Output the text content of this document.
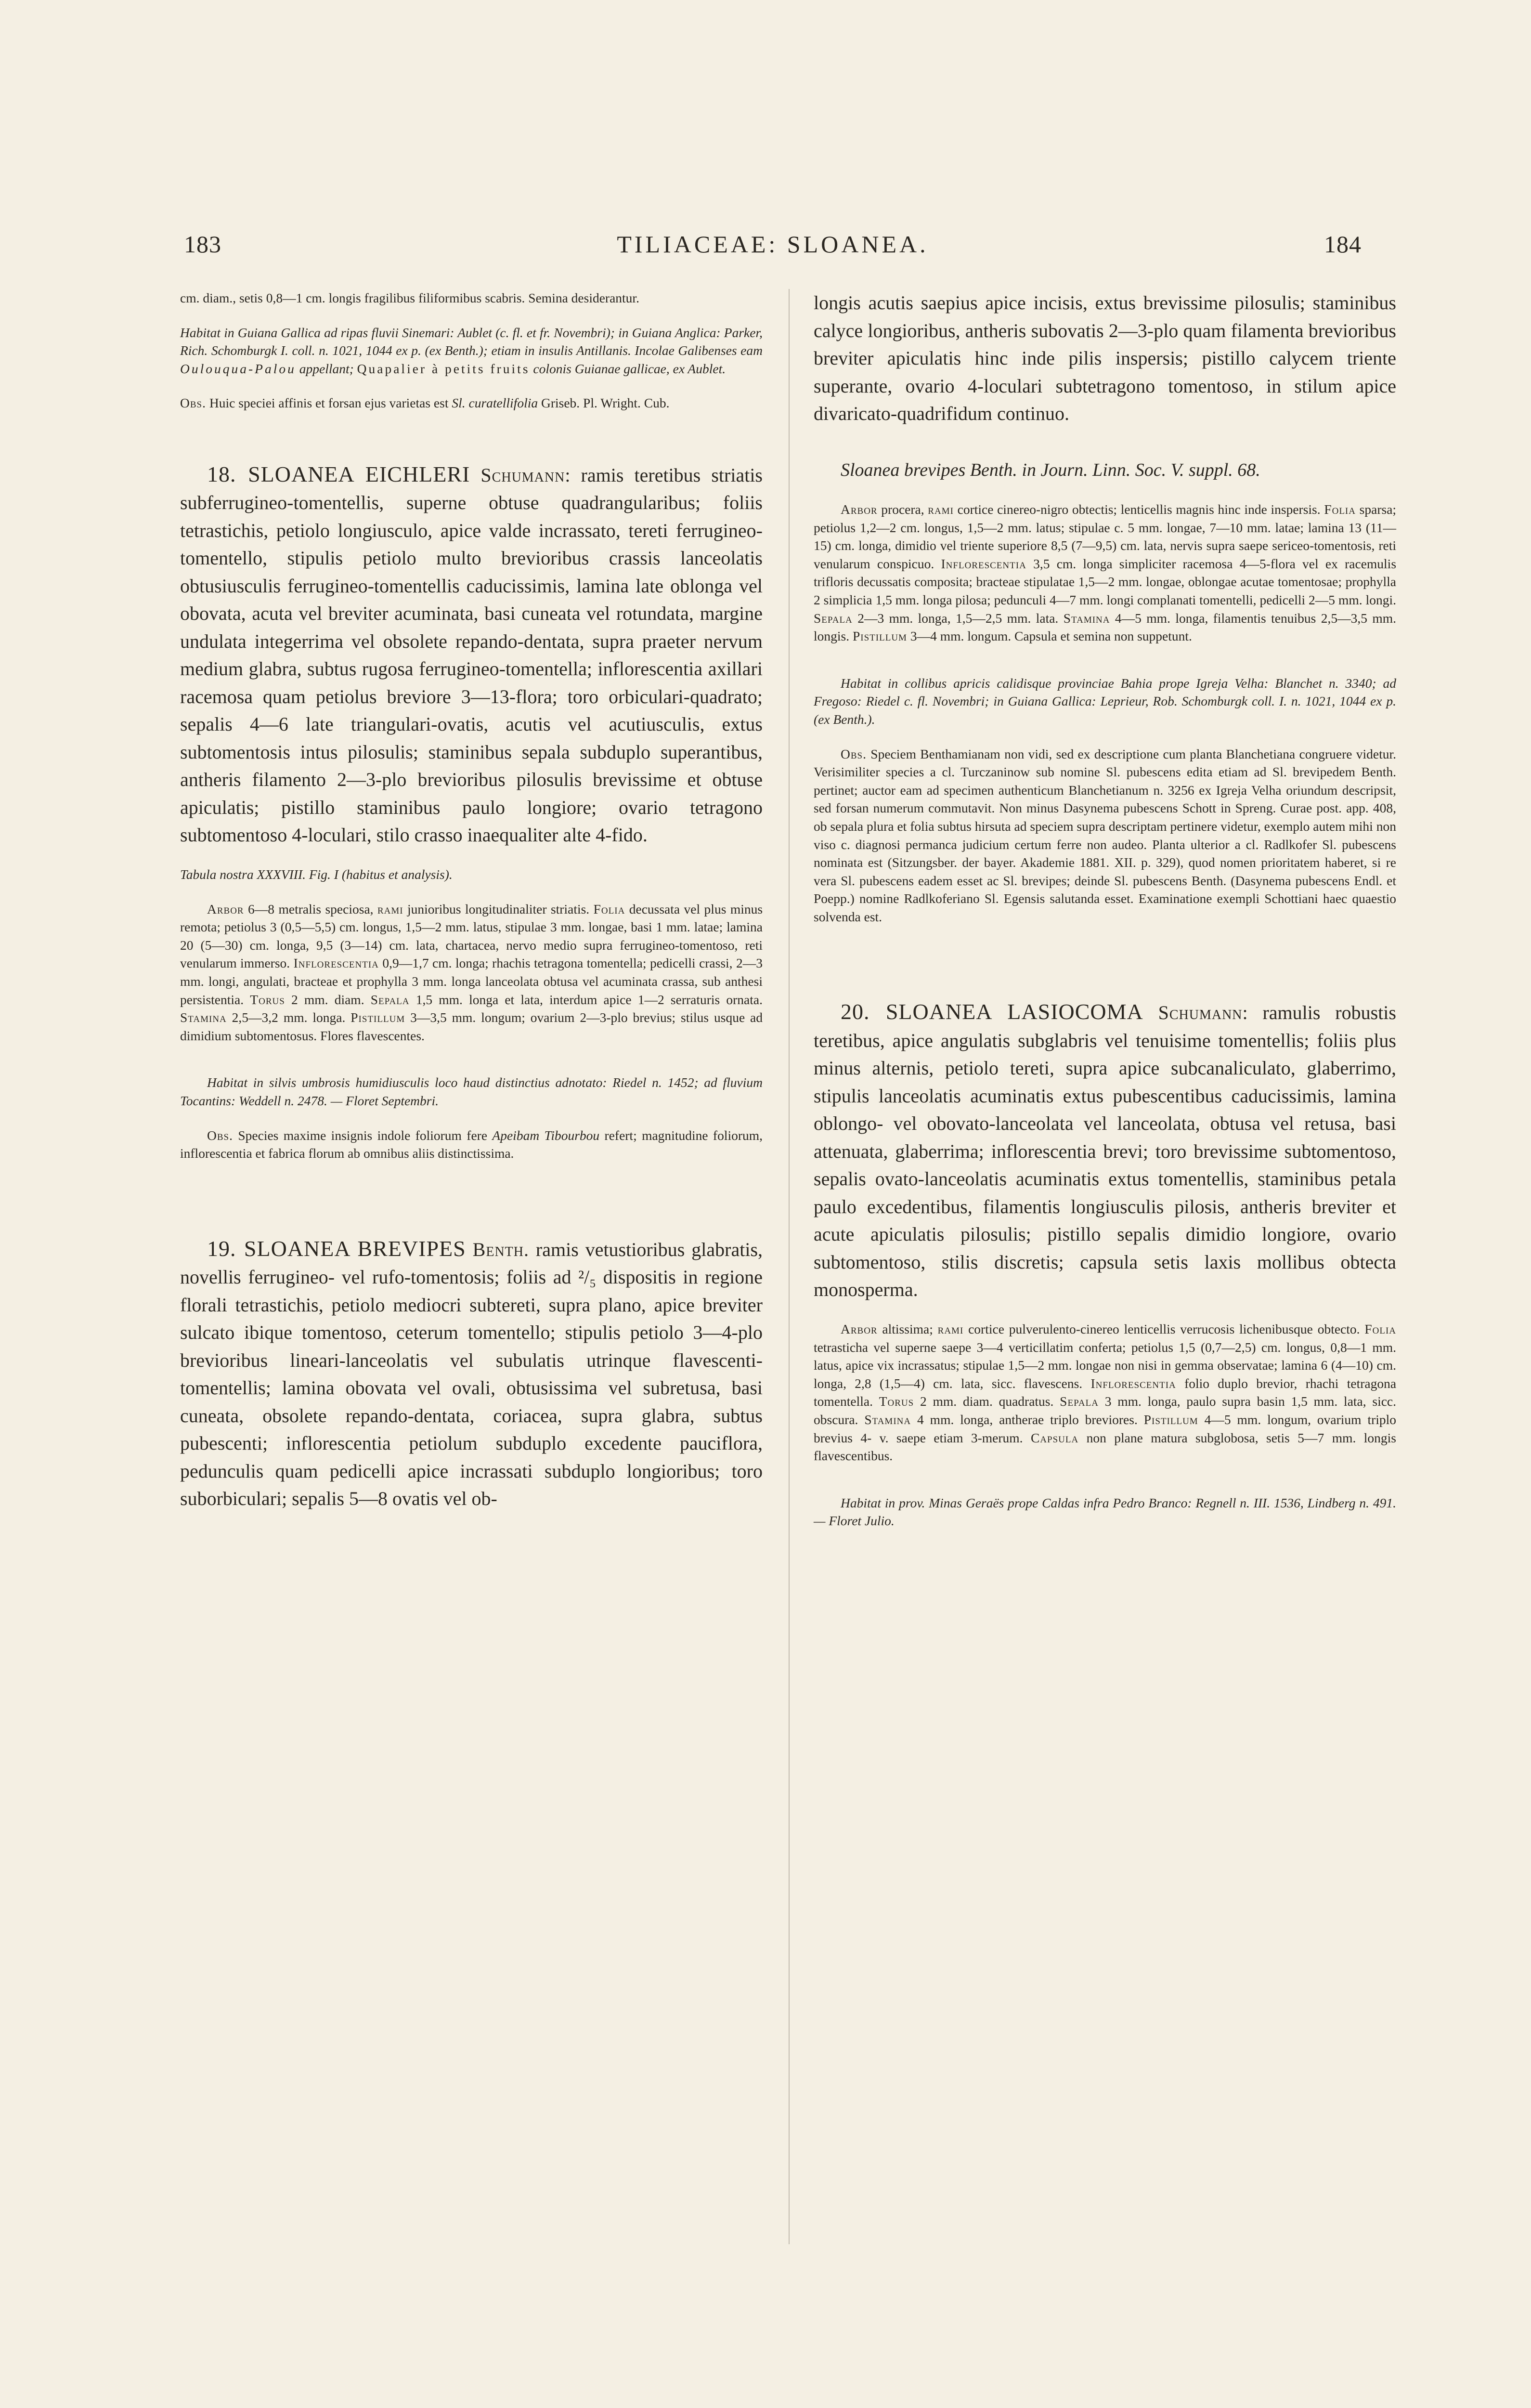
183	TILIACEAE: SLOANEA.	184

cm. diam., setis 0,8—1 cm. longis fragilibus filiformibus scabris. Semina desiderantur.

Habitat in Guiana Gallica ad ripas fluvii Sinemari: Aublet (c. fl. et fr. Novembri); in Guiana Anglica: Parker, Rich. Schomburgk I. coll. n. 1021, 1044 ex p. (ex Benth.); etiam in insulis Antillanis. Incolae Galibenses eam Oulouqua-Palou appellant; Quapalier à petits fruits colonis Guianae gallicae, ex Aublet.

Obs. Huic speciei affinis et forsan ejus varietas est Sl. curatellifolia Griseb. Pl. Wright. Cub.

18. SLOANEA EICHLERI Schumann: ramis teretibus striatis subferrugineo-tomentellis, superne obtuse quadrangularibus; foliis tetrastichis, petiolo longiusculo, apice valde incrassato, tereti ferrugineo-tomentello, stipulis petiolo multo brevioribus crassis lanceolatis obtusiusculis ferrugineo-tomentellis caducissimis, lamina late oblonga vel obovata, acuta vel breviter acuminata, basi cuneata vel rotundata, margine undulata integerrima vel obsolete repando-dentata, supra praeter nervum medium glabra, subtus rugosa ferrugineo-tomentella; inflorescentia axillari racemosa quam petiolus breviore 3—13-flora; toro orbiculari-quadrato; sepalis 4—6 late triangulari-ovatis, acutis vel acutiusculis, extus subtomentosis intus pilosulis; staminibus sepala subduplo superantibus, antheris filamento 2—3-plo brevioribus pilosulis brevissime et obtuse apiculatis; pistillo staminibus paulo longiore; ovario tetragono subtomentoso 4-loculari, stilo crasso inaequaliter alte 4-fido.

Tabula nostra XXXVIII. Fig. I (habitus et analysis).

Arbor 6—8 metralis speciosa, rami junioribus longitudinaliter striatis. Folia decussata vel plus minus remota; petiolus 3 (0,5—5,5) cm. longus, 1,5—2 mm. latus, stipulae 3 mm. longae, basi 1 mm. latae; lamina 20 (5—30) cm. longa, 9,5 (3—14) cm. lata, chartacea, nervo medio supra ferrugineo-tomentoso, reti venularum immerso. Inflorescentia 0,9—1,7 cm. longa; rhachis tetragona tomentella; pedicelli crassi, 2—3 mm. longi, angulati, bracteae et prophylla 3 mm. longa lanceolata obtusa vel acuminata crassa, sub anthesi persistentia. Torus 2 mm. diam. Sepala 1,5 mm. longa et lata, interdum apice 1—2 serraturis ornata. Stamina 2,5—3,2 mm. longa. Pistillum 3—3,5 mm. longum; ovarium 2—3-plo brevius; stilus usque ad dimidium subtomentosus. Flores flavescentes.

Habitat in silvis umbrosis humidiusculis loco haud distinctius adnotato: Riedel n. 1452; ad fluvium Tocantins: Weddell n. 2478. — Floret Septembri.

Obs. Species maxime insignis indole foliorum fere Apeibam Tibourbou refert; magnitudine foliorum, inflorescentia et fabrica florum ab omnibus aliis distinctissima.

19. SLOANEA BREVIPES Benth. ramis vetustioribus glabratis, novellis ferrugineo- vel rufo-tomentosis; foliis ad ²/₅ dispositis in regione florali tetrastichis, petiolo mediocri subtereti, supra plano, apice breviter sulcato ibique tomentoso, ceterum tomentello; stipulis petiolo 3—4-plo brevioribus lineari-lanceolatis vel subulatis utrinque flavescenti-tomentellis; lamina obovata vel ovali, obtusissima vel subretusa, basi cuneata, obsolete repando-dentata, coriacea, supra glabra, subtus pubescenti; inflorescentia petiolum subduplo excedente pauciflora, pedunculis quam pedicelli apice incrassati subduplo longioribus; toro suborbiculari; sepalis 5—8 ovatis vel ob-

longis acutis saepius apice incisis, extus brevissime pilosulis; staminibus calyce longioribus, antheris subovatis 2—3-plo quam filamenta brevioribus breviter apiculatis hinc inde pilis inspersis; pistillo calycem triente superante, ovario 4-loculari subtetragono tomentoso, in stilum apice divaricato-quadrifidum continuo.

Sloanea brevipes Benth. in Journ. Linn. Soc. V. suppl. 68.

Arbor procera, rami cortice cinereo-nigro obtectis; lenticellis magnis hinc inde inspersis. Folia sparsa; petiolus 1,2—2 cm. longus, 1,5—2 mm. latus; stipulae c. 5 mm. longae, 7—10 mm. latae; lamina 13 (11—15) cm. longa, dimidio vel triente superiore 8,5 (7—9,5) cm. lata, nervis supra saepe sericeo-tomentosis, reti venularum conspicuo. Inflorescentia 3,5 cm. longa simpliciter racemosa 4—5-flora vel ex racemulis trifloris decussatis composita; bracteae stipulatae 1,5—2 mm. longae, oblongae acutae tomentosae; prophylla 2 simplicia 1,5 mm. longa pilosa; pedunculi 4—7 mm. longi complanati tomentelli, pedicelli 2—5 mm. longi. Sepala 2—3 mm. longa, 1,5—2,5 mm. lata. Stamina 4—5 mm. longa, filamentis tenuibus 2,5—3,5 mm. longis. Pistillum 3—4 mm. longum. Capsula et semina non suppetunt.

Habitat in collibus apricis calidisque provinciae Bahia prope Igreja Velha: Blanchet n. 3340; ad Fregoso: Riedel c. fl. Novembri; in Guiana Gallica: Leprieur, Rob. Schomburgk coll. I. n. 1021, 1044 ex p. (ex Benth.).

Obs. Speciem Benthamianam non vidi, sed ex descriptione cum planta Blanchetiana congruere videtur. Verisimiliter species a cl. Turczaninow sub nomine Sl. pubescens edita etiam ad Sl. brevipedem Benth. pertinet; auctor eam ad specimen authenticum Blanchetianum n. 3256 ex Igreja Velha oriundum descripsit, sed forsan numerum commutavit. Non minus Dasynema pubescens Schott in Spreng. Curae post. app. 408, ob sepala plura et folia subtus hirsuta ad speciem supra descriptam pertinere videtur, exemplo autem mihi non viso c. diagnosi permanca judicium certum ferre non audeo. Planta ulterior a cl. Radlkofer Sl. pubescens nominata est (Sitzungsber. der bayer. Akademie 1881. XII. p. 329), quod nomen prioritatem haberet, si re vera Sl. pubescens eadem esset ac Sl. brevipes; deinde Sl. pubescens Benth. (Dasynema pubescens Endl. et Poepp.) nomine Radlkoferiano Sl. Egensis salutanda esset. Examinatione exempli Schottiani haec quaestio solvenda est.

20. SLOANEA LASIOCOMA Schumann: ramulis robustis teretibus, apice angulatis subglabris vel tenuisime tomentellis; foliis plus minus alternis, petiolo tereti, supra apice subcanaliculato, glaberrimo, stipulis lanceolatis acuminatis extus pubescentibus caducissimis, lamina oblongo- vel obovato-lanceolata vel lanceolata, obtusa vel retusa, basi attenuata, glaberrima; inflorescentia brevi; toro brevissime subtomentoso, sepalis ovato-lanceolatis acuminatis extus tomentellis, staminibus petala paulo excedentibus, filamentis longiusculis pilosis, antheris breviter et acute apiculatis pilosulis; pistillo sepalis dimidio longiore, ovario subtomentoso, stilis discretis; capsula setis laxis mollibus obtecta monosperma.

Arbor altissima; rami cortice pulverulento-cinereo lenticellis verrucosis lichenibusque obtecto. Folia tetrasticha vel superne saepe 3—4 verticillatim conferta; petiolus 1,5 (0,7—2,5) cm. longus, 0,8—1 mm. latus, apice vix incrassatus; stipulae 1,5—2 mm. longae non nisi in gemma observatae; lamina 6 (4—10) cm. longa, 2,8 (1,5—4) cm. lata, sicc. flavescens. Inflorescentia folio duplo brevior, rhachi tetragona tomentella. Torus 2 mm. diam. quadratus. Sepala 3 mm. longa, paulo supra basin 1,5 mm. lata, sicc. obscura. Stamina 4 mm. longa, antherae triplo breviores. Pistillum 4—5 mm. longum, ovarium triplo brevius 4- v. saepe etiam 3-merum. Capsula non plane matura subglobosa, setis 5—7 mm. longis flavescentibus.

Habitat in prov. Minas Geraës prope Caldas infra Pedro Branco: Regnell n. III. 1536, Lindberg n. 491. — Floret Julio.
